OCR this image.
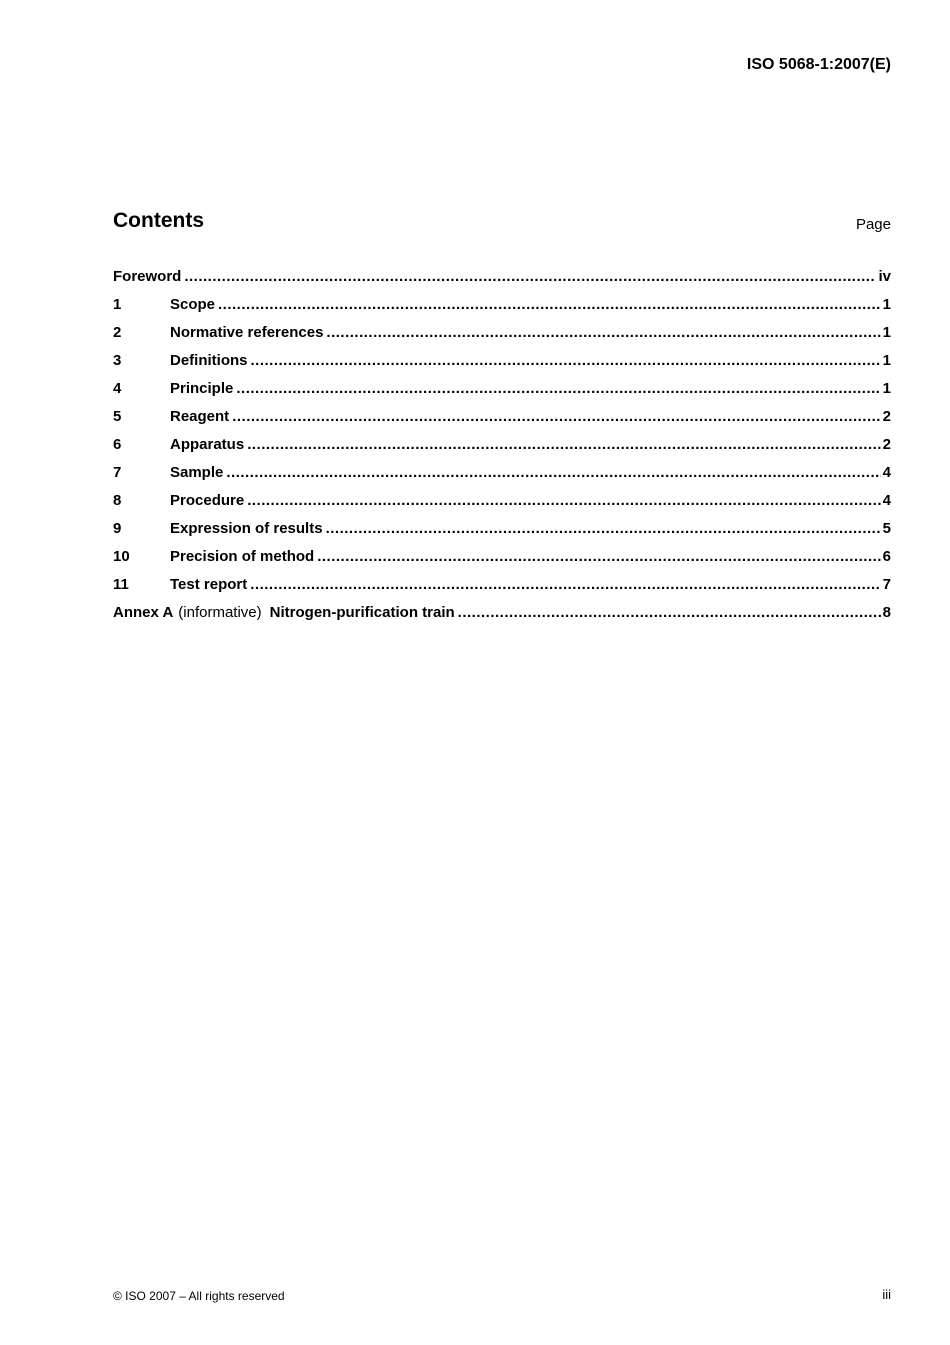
ISO 5068-1:2007(E)
Contents	Page
Foreword .....	iv
1	Scope .....	1
2	Normative references .....	1
3	Definitions .....	1
4	Principle .....	1
5	Reagent .....	2
6	Apparatus .....	2
7	Sample .....	4
8	Procedure .....	4
9	Expression of results .....	5
10	Precision of method .....	6
11	Test report .....	7
Annex A (informative) Nitrogen-purification train .....	8
© ISO 2007 – All rights reserved	iii
